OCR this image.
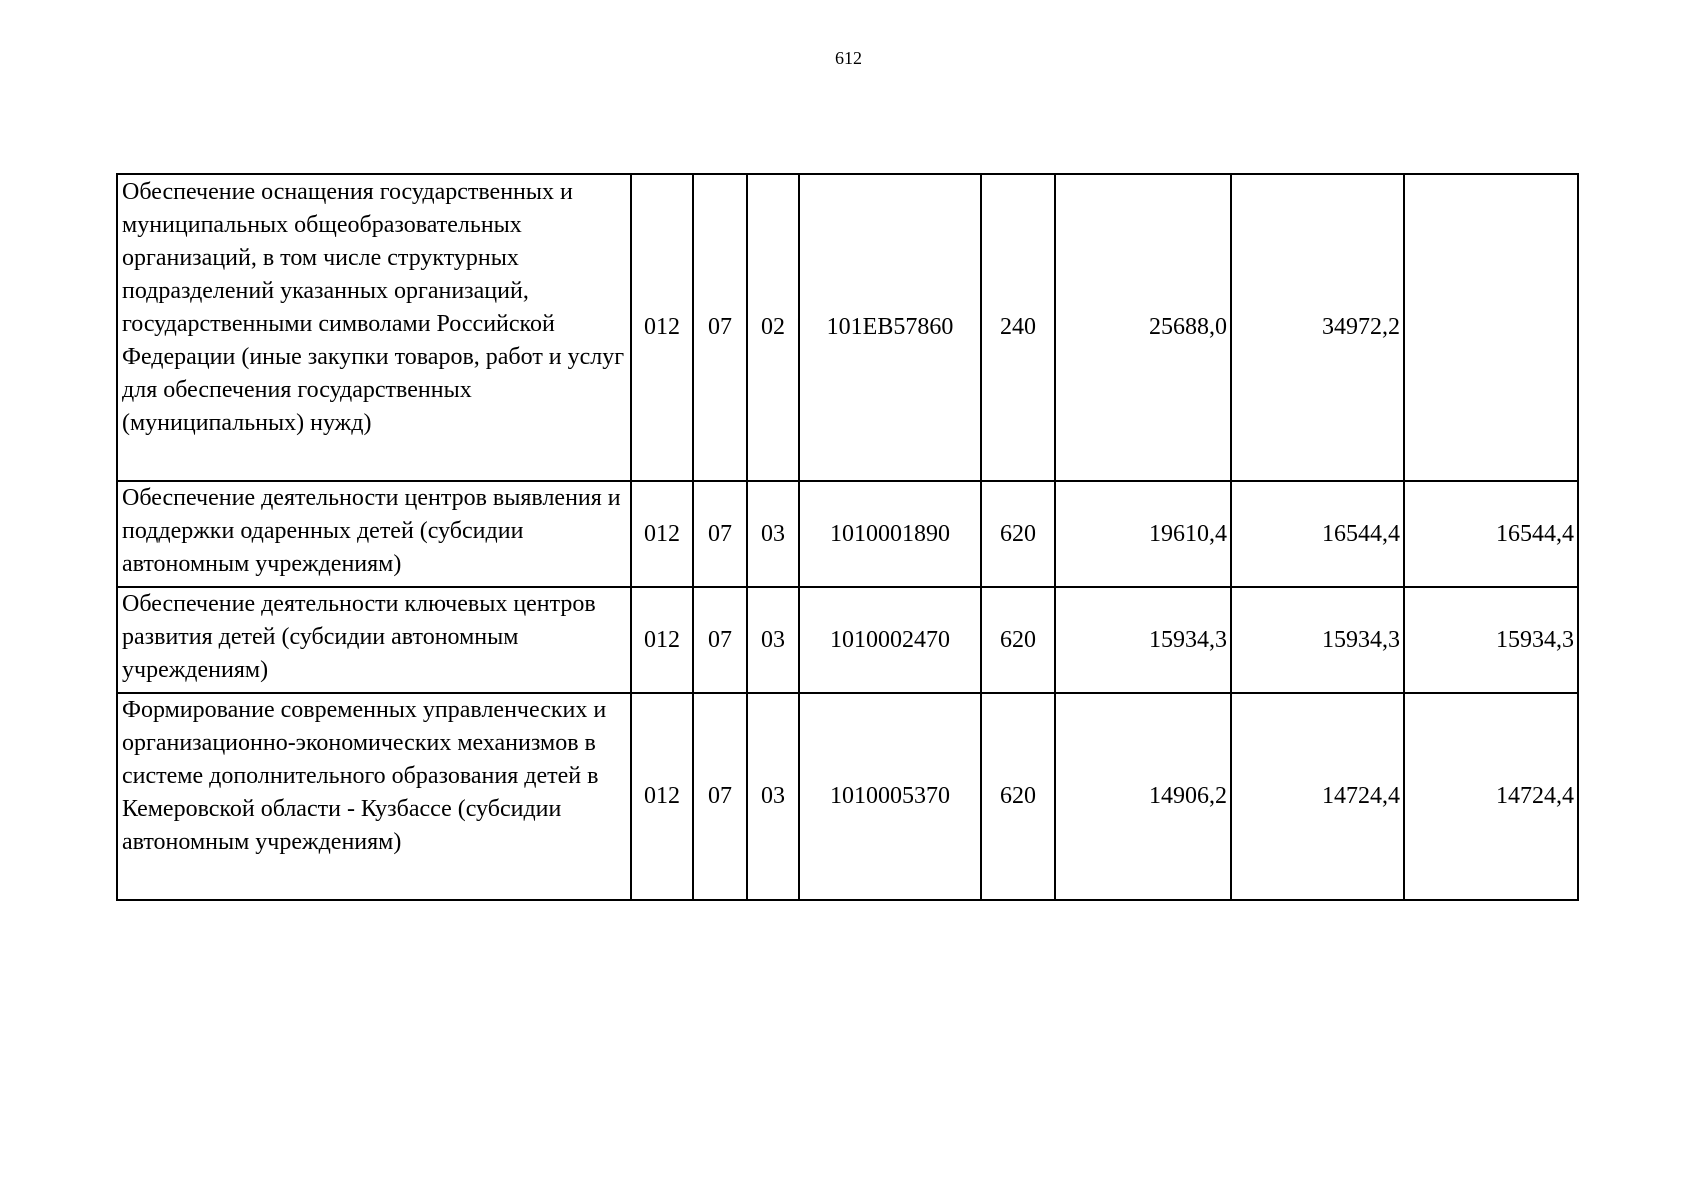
612
Обеспечение оснащения государственных и муниципальных общеобразовательных организаций, в том числе структурных подразделений указанных организаций, государственными символами Российской Федерации (иные закупки товаров, работ и услуг для обеспечения государственных (муниципальных) нужд)	012	07	02	101EB57860	240	25688,0	34972,2	
Обеспечение деятельности центров выявления и поддержки одаренных детей (субсидии автономным учреждениям)	012	07	03	1010001890	620	19610,4	16544,4	16544,4
Обеспечение деятельности ключевых центров развития детей (субсидии автономным учреждениям)	012	07	03	1010002470	620	15934,3	15934,3	15934,3
Формирование современных управленческих и организационно-экономических механизмов в системе дополнительного образования детей в Кемеровской области - Кузбассе (субсидии автономным учреждениям)	012	07	03	1010005370	620	14906,2	14724,4	14724,4
